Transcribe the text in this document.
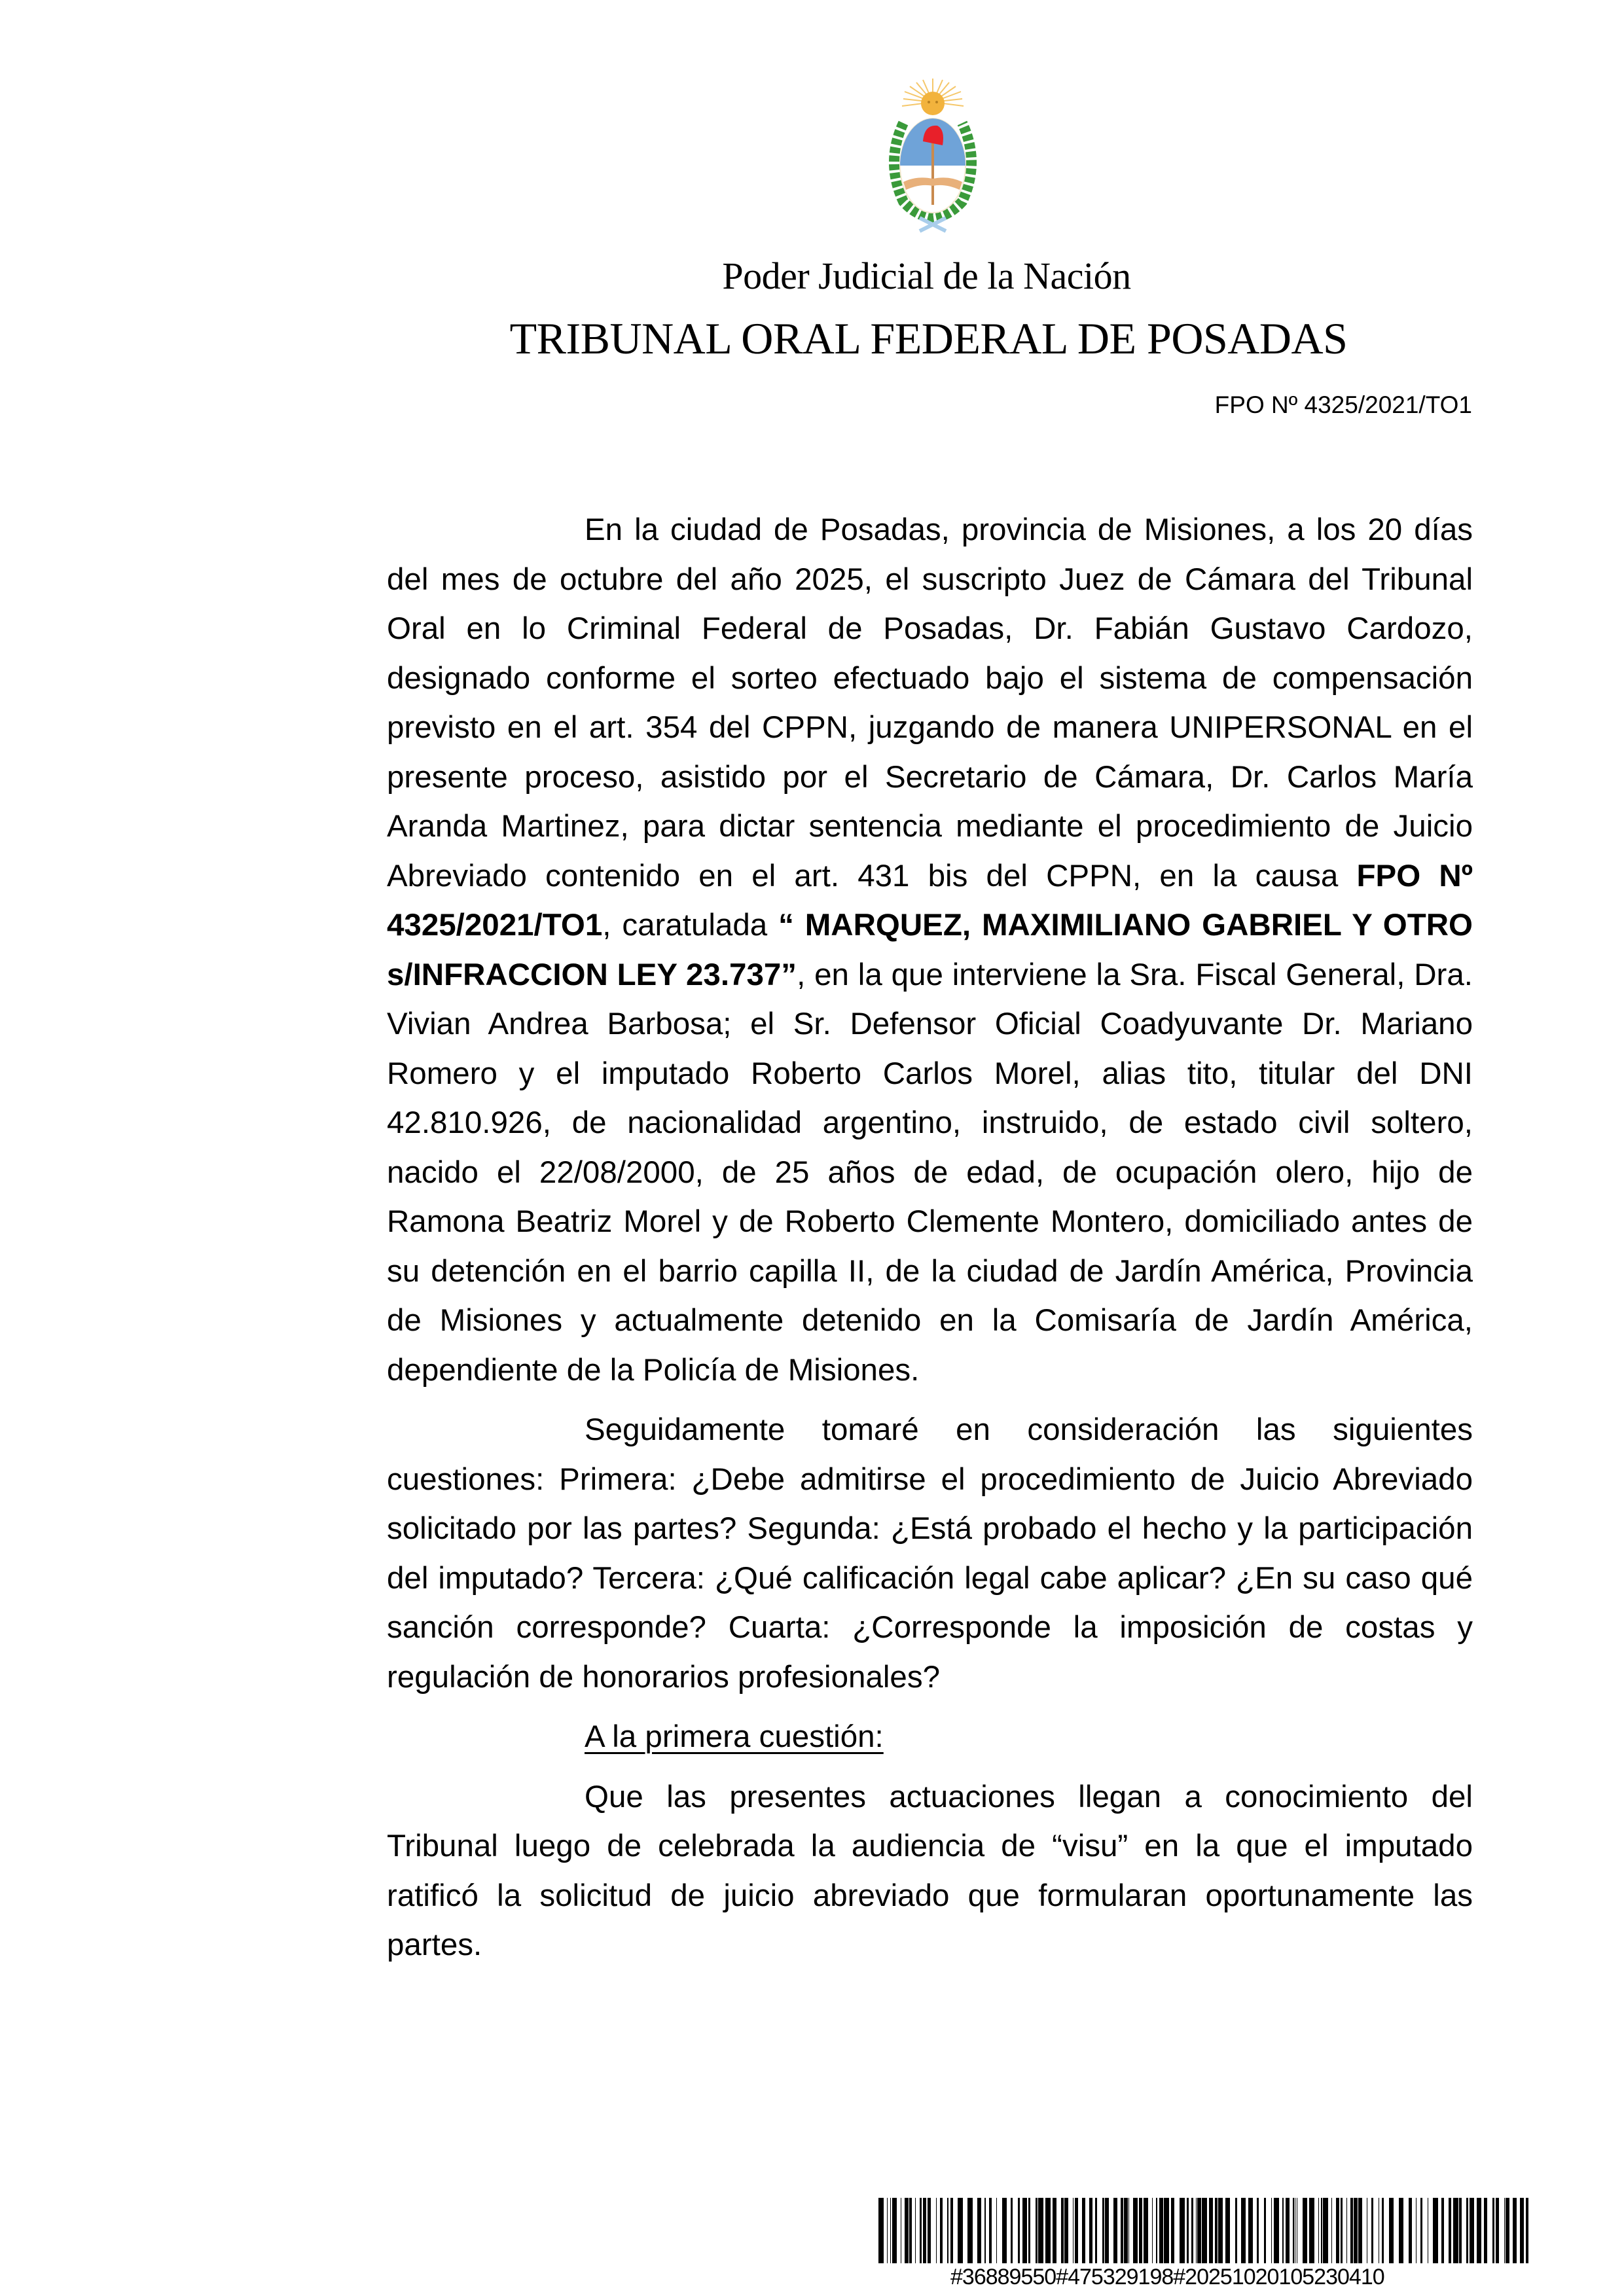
Poder Judicial de la Nación
TRIBUNAL ORAL FEDERAL DE POSADAS
FPO Nº 4325/2021/TO1

En la ciudad de Posadas, provincia de Misiones, a los 20 días del mes de octubre del año 2025, el suscripto Juez de Cámara del Tribunal Oral en lo Criminal Federal de Posadas, Dr. Fabián Gustavo Cardozo, designado conforme el sorteo efectuado bajo el sistema de compensación previsto en el art. 354 del CPPN, juzgando de manera UNIPERSONAL en el presente proceso, asistido por el Secretario de Cámara, Dr. Carlos María Aranda Martinez, para dictar sentencia mediante el procedimiento de Juicio Abreviado contenido en el art. 431 bis del CPPN, en la causa FPO Nº 4325/2021/TO1, caratulada “ MARQUEZ, MAXIMILIANO GABRIEL Y OTRO s/INFRACCION LEY 23.737”, en la que interviene la Sra. Fiscal General, Dra. Vivian Andrea Barbosa; el Sr. Defensor Oficial Coadyuvante Dr. Mariano Romero y el imputado Roberto Carlos Morel, alias tito, titular del DNI 42.810.926, de nacionalidad argentino, instruido, de estado civil soltero, nacido el 22/08/2000, de 25 años de edad, de ocupación olero, hijo de Ramona Beatriz Morel y de Roberto Clemente Montero, domiciliado antes de su detención en el barrio capilla II, de la ciudad de Jardín América, Provincia de Misiones y actualmente detenido en la Comisaría de Jardín América, dependiente de la Policía de Misiones.

Seguidamente tomaré en consideración las siguientes cuestiones: Primera: ¿Debe admitirse el procedimiento de Juicio Abreviado solicitado por las partes? Segunda: ¿Está probado el hecho y la participación del imputado? Tercera: ¿Qué calificación legal cabe aplicar? ¿En su caso qué sanción corresponde? Cuarta: ¿Corresponde la imposición de costas y regulación de honorarios profesionales?

A la primera cuestión:

Que las presentes actuaciones llegan a conocimiento del Tribunal luego de celebrada la audiencia de “visu” en la que el imputado ratificó la solicitud de juicio abreviado que formularan oportunamente las partes.

#36889550#475329198#20251020105230410
